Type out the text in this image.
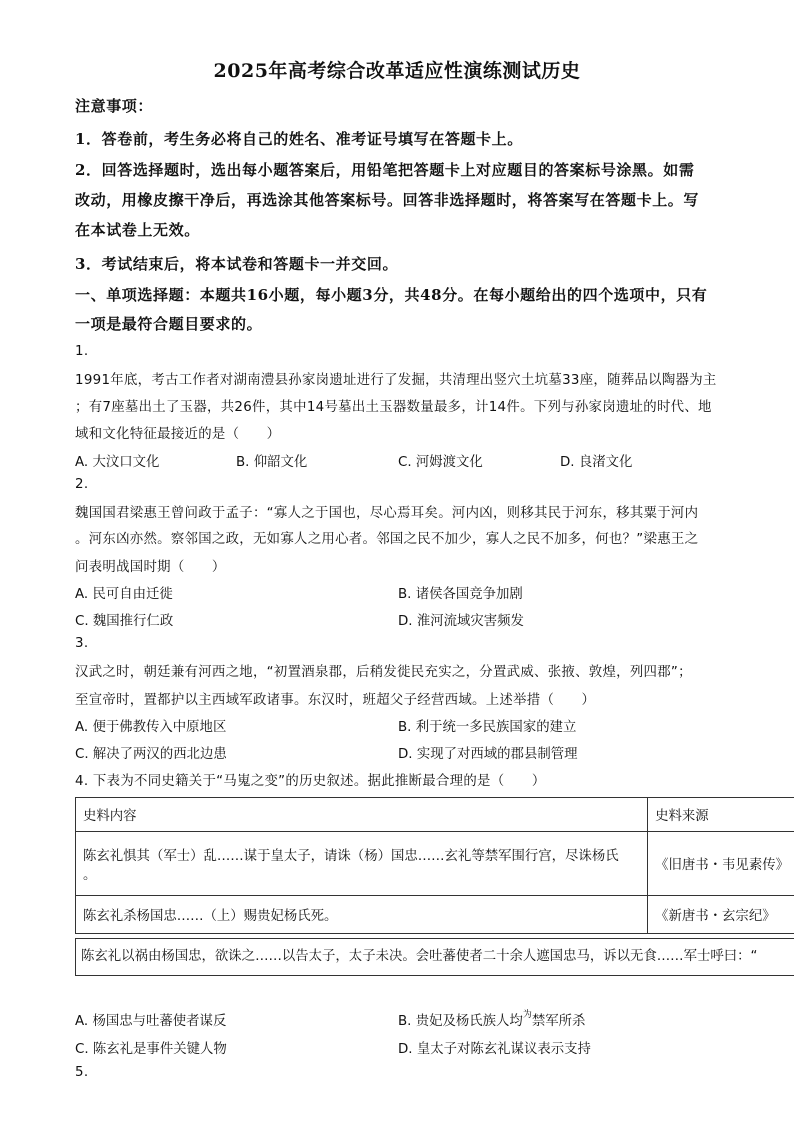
2025年高考综合改革适应性演练测试历史
注意事项：
1．答卷前，考生务必将自己的姓名、准考证号填写在答题卡上。
2．回答选择题时，选出每小题答案后，用铅笔把答题卡上对应题目的答案标号涂黑。如需
改动，用橡皮擦干净后，再选涂其他答案标号。回答非选择题时，将答案写在答题卡上。写
在本试卷上无效。
3．考试结束后，将本试卷和答题卡一并交回。
一、单项选择题：本题共16小题，每小题3分，共48分。在每小题给出的四个选项中，只有
一项是最符合题目要求的。
1.
1991年底，考古工作者对湖南澧县孙家岗遗址进行了发掘，共清理出竖穴土坑墓33座，随葬品以陶器为主
；有7座墓出土了玉器，共26件，其中14号墓出土玉器数量最多，计14件。下列与孙家岗遗址的时代、地
域和文化特征最接近的是（　　）
A. 大汶口文化	B. 仰韶文化	C. 河姆渡文化	D. 良渚文化
2.
魏国国君梁惠王曾问政于孟子：“寡人之于国也，尽心焉耳矣。河内凶，则移其民于河东，移其粟于河内
。河东凶亦然。察邻国之政，无如寡人之用心者。邻国之民不加少，寡人之民不加多，何也？”梁惠王之
问表明战国时期（　　）
A. 民可自由迁徙	B. 诸侯各国竞争加剧
C. 魏国推行仁政	D. 淮河流域灾害频发
3.
汉武之时，朝廷兼有河西之地，“初置酒泉郡，后稍发徙民充实之，分置武威、张掖、敦煌，列四郡”；
至宣帝时，置都护以主西域军政诸事。东汉时，班超父子经营西域。上述举措（　　）
A. 便于佛教传入中原地区	B. 利于统一多民族国家的建立
C. 解决了两汉的西北边患	D. 实现了对西域的郡县制管理
4. 下表为不同史籍关于“马嵬之变”的历史叙述。据此推断最合理的是（　　）
史料内容	史料来源

陈玄礼惧其（军士）乱……谋于皇太子，请诛（杨）国忠……玄礼等禁军围行宫，尽诛杨氏
。	《旧唐书・韦见素传》
陈玄礼杀杨国忠……（上）赐贵妃杨氏死。	《新唐书・玄宗纪》
陈玄礼以祸由杨国忠，欲诛之……以告太子，太子未决。会吐蕃使者二十余人遮国忠马，诉以无食……军士呼曰：“
A. 杨国忠与吐蕃使者谋反	B. 贵妃及杨氏族人均$^为$禁军所杀
C. 陈玄礼是事件关键人物	D. 皇太子对陈玄礼谋议表示支持
5.
